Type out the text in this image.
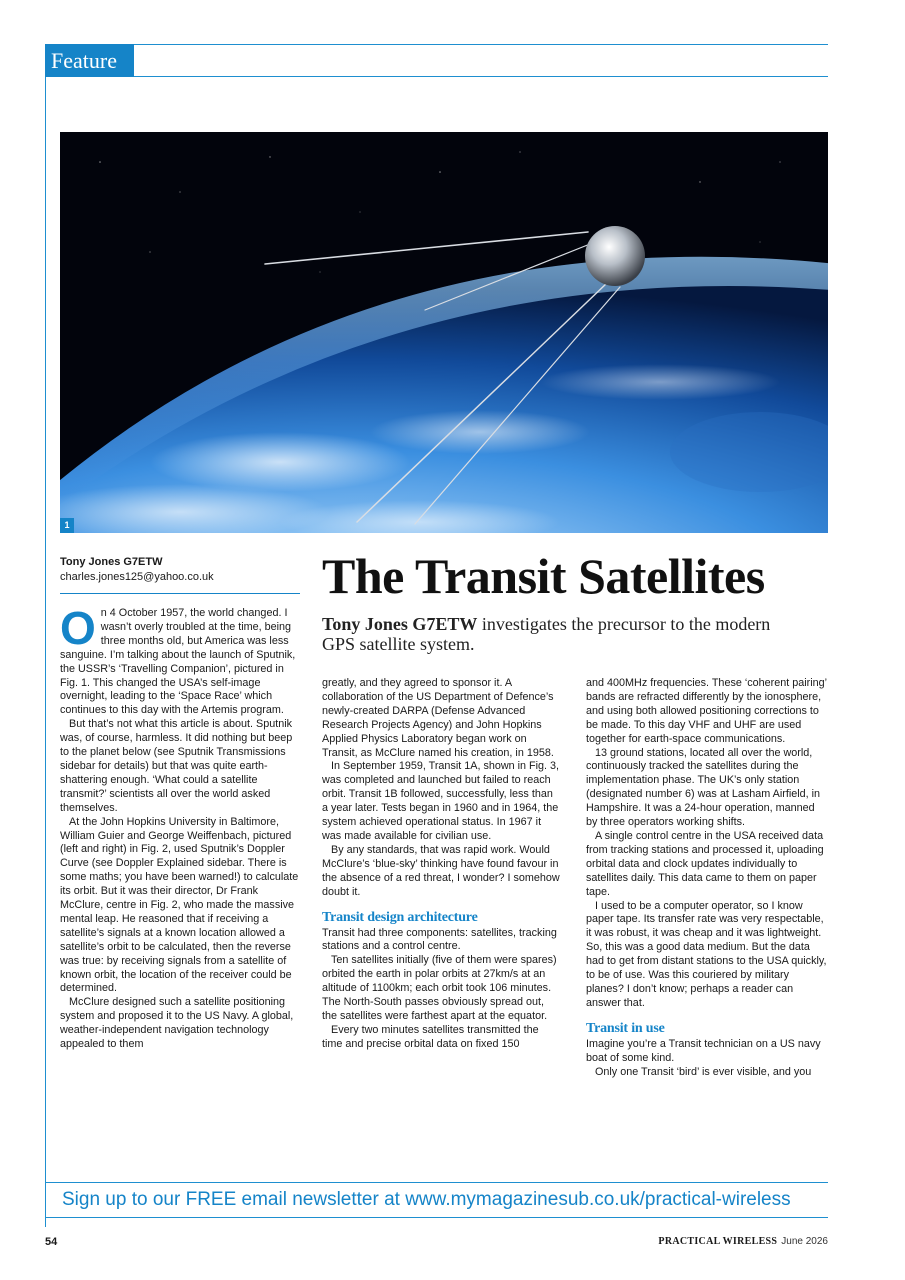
Feature
1
Tony Jones G7ETW
charles.jones125@yahoo.co.uk	The Transit Satellites
Tony Jones G7ETW investigates the precursor to the modern GPS satellite system.

On 4 October 1957, the world changed. I wasn’t overly troubled at the time, being three months old, but America was less sanguine. I’m talking about the launch of Sputnik, the USSR’s ‘Travelling Companion’, pictured in Fig. 1. This changed the USA’s self-image overnight, leading to the ‘Space Race’ which continues to this day with the Artemis program.

But that’s not what this article is about. Sputnik was, of course, harmless. It did nothing but beep to the planet below (see Sputnik Transmissions sidebar for details) but that was quite earth-shattering enough. ‘What could a satellite transmit?’ scientists all over the world asked themselves.

At the John Hopkins University in Baltimore, William Guier and George Weiffenbach, pictured (left and right) in Fig. 2, used Sputnik’s Doppler Curve (see Doppler Explained sidebar. There is some maths; you have been warned!) to calculate its orbit. But it was their director, Dr Frank McClure, centre in Fig. 2, who made the massive mental leap. He reasoned that if receiving a satellite’s signals at a known location allowed a satellite’s orbit to be calculated, then the reverse was true: by receiving signals from a satellite of known orbit, the location of the receiver could be determined.

McClure designed such a satellite positioning system and proposed it to the US Navy. A global, weather-independent navigation technology appealed to them

greatly, and they agreed to sponsor it. A collaboration of the US Department of Defence’s newly-created DARPA (Defense Advanced Research Projects Agency) and John Hopkins Applied Physics Laboratory began work on Transit, as McClure named his creation, in 1958.

In September 1959, Transit 1A, shown in Fig. 3, was completed and launched but failed to reach orbit. Transit 1B followed, successfully, less than a year later. Tests began in 1960 and in 1964, the system achieved operational status. In 1967 it was made available for civilian use.

By any standards, that was rapid work. Would McClure’s ‘blue-sky’ thinking have found favour in the absence of a red threat, I wonder? I somehow doubt it.

Transit design architecture

Transit had three components: satellites, tracking stations and a control centre.

Ten satellites initially (five of them were spares) orbited the earth in polar orbits at 27km/s at an altitude of 1100km; each orbit took 106 minutes. The North-South passes obviously spread out, the satellites were farthest apart at the equator.

Every two minutes satellites transmitted the time and precise orbital data on fixed 150

and 400MHz frequencies. These ‘coherent pairing’ bands are refracted differently by the ionosphere, and using both allowed positioning corrections to be made. To this day VHF and UHF are used together for earth-space communications.

13 ground stations, located all over the world, continuously tracked the satellites during the implementation phase. The UK’s only station (designated number 6) was at Lasham Airfield, in Hampshire. It was a 24-hour operation, manned by three operators working shifts.

A single control centre in the USA received data from tracking stations and processed it, uploading orbital data and clock updates individually to satellites daily. This data came to them on paper tape.

I used to be a computer operator, so I know paper tape. Its transfer rate was very respectable, it was robust, it was cheap and it was lightweight. So, this was a good data medium. But the data had to get from distant stations to the USA quickly, to be of use. Was this couriered by military planes? I don’t know; perhaps a reader can answer that.

Transit in use

Imagine you’re a Transit technician on a US navy boat of some kind.

Only one Transit ‘bird’ is ever visible, and you

Sign up to our FREE email newsletter at www.mymagazinesub.co.uk/practical-wireless
54	PRACTICAL WIRELESS June 2026
